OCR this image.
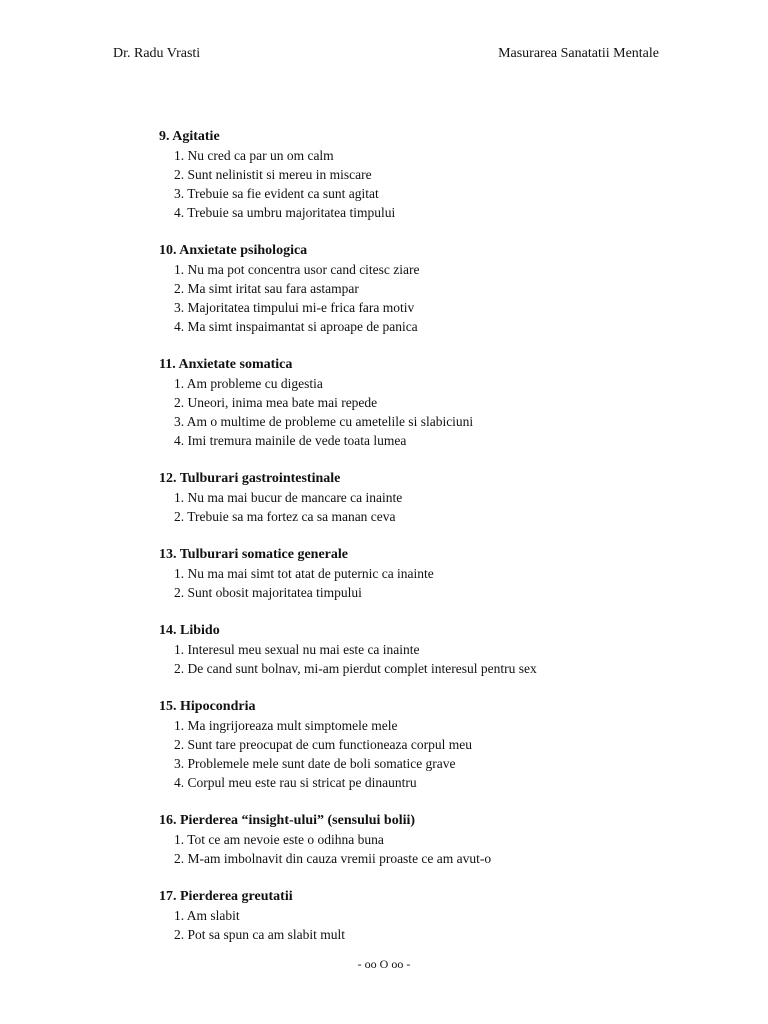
Dr. Radu Vrasti	Masurarea Sanatatii Mentale
9. Agitatie
1. Nu cred ca par un om calm
2. Sunt nelinistit si mereu in miscare
3. Trebuie sa fie evident ca sunt agitat
4. Trebuie sa umbru majoritatea timpului
10. Anxietate psihologica
1. Nu ma pot concentra usor cand citesc ziare
2. Ma simt iritat sau fara astampar
3. Majoritatea timpului mi-e frica fara motiv
4. Ma simt inspaimantat si aproape de panica
11. Anxietate somatica
1. Am probleme cu digestia
2. Uneori, inima mea bate mai repede
3. Am o multime de probleme cu ametelile si slabiciuni
4. Imi tremura mainile de vede toata lumea
12. Tulburari gastrointestinale
1. Nu ma mai bucur de mancare ca inainte
2. Trebuie sa ma fortez ca sa manan ceva
13. Tulburari somatice generale
1. Nu ma mai simt tot atat de puternic ca inainte
2. Sunt obosit majoritatea timpului
14. Libido
1. Interesul meu sexual nu mai este ca inainte
2. De cand sunt bolnav, mi-am pierdut complet interesul pentru sex
15. Hipocondria
1. Ma ingrijoreaza mult simptomele mele
2. Sunt tare preocupat de cum functioneaza corpul meu
3. Problemele mele sunt date de boli somatice grave
4. Corpul meu este rau si stricat pe dinauntru
16. Pierderea “insight-ului” (sensului bolii)
1. Tot ce am nevoie este o odihna buna
2. M-am imbolnavit din cauza vremii proaste ce am avut-o
17. Pierderea greutatii
1. Am slabit
2. Pot sa spun ca am slabit mult
- oo O oo -
